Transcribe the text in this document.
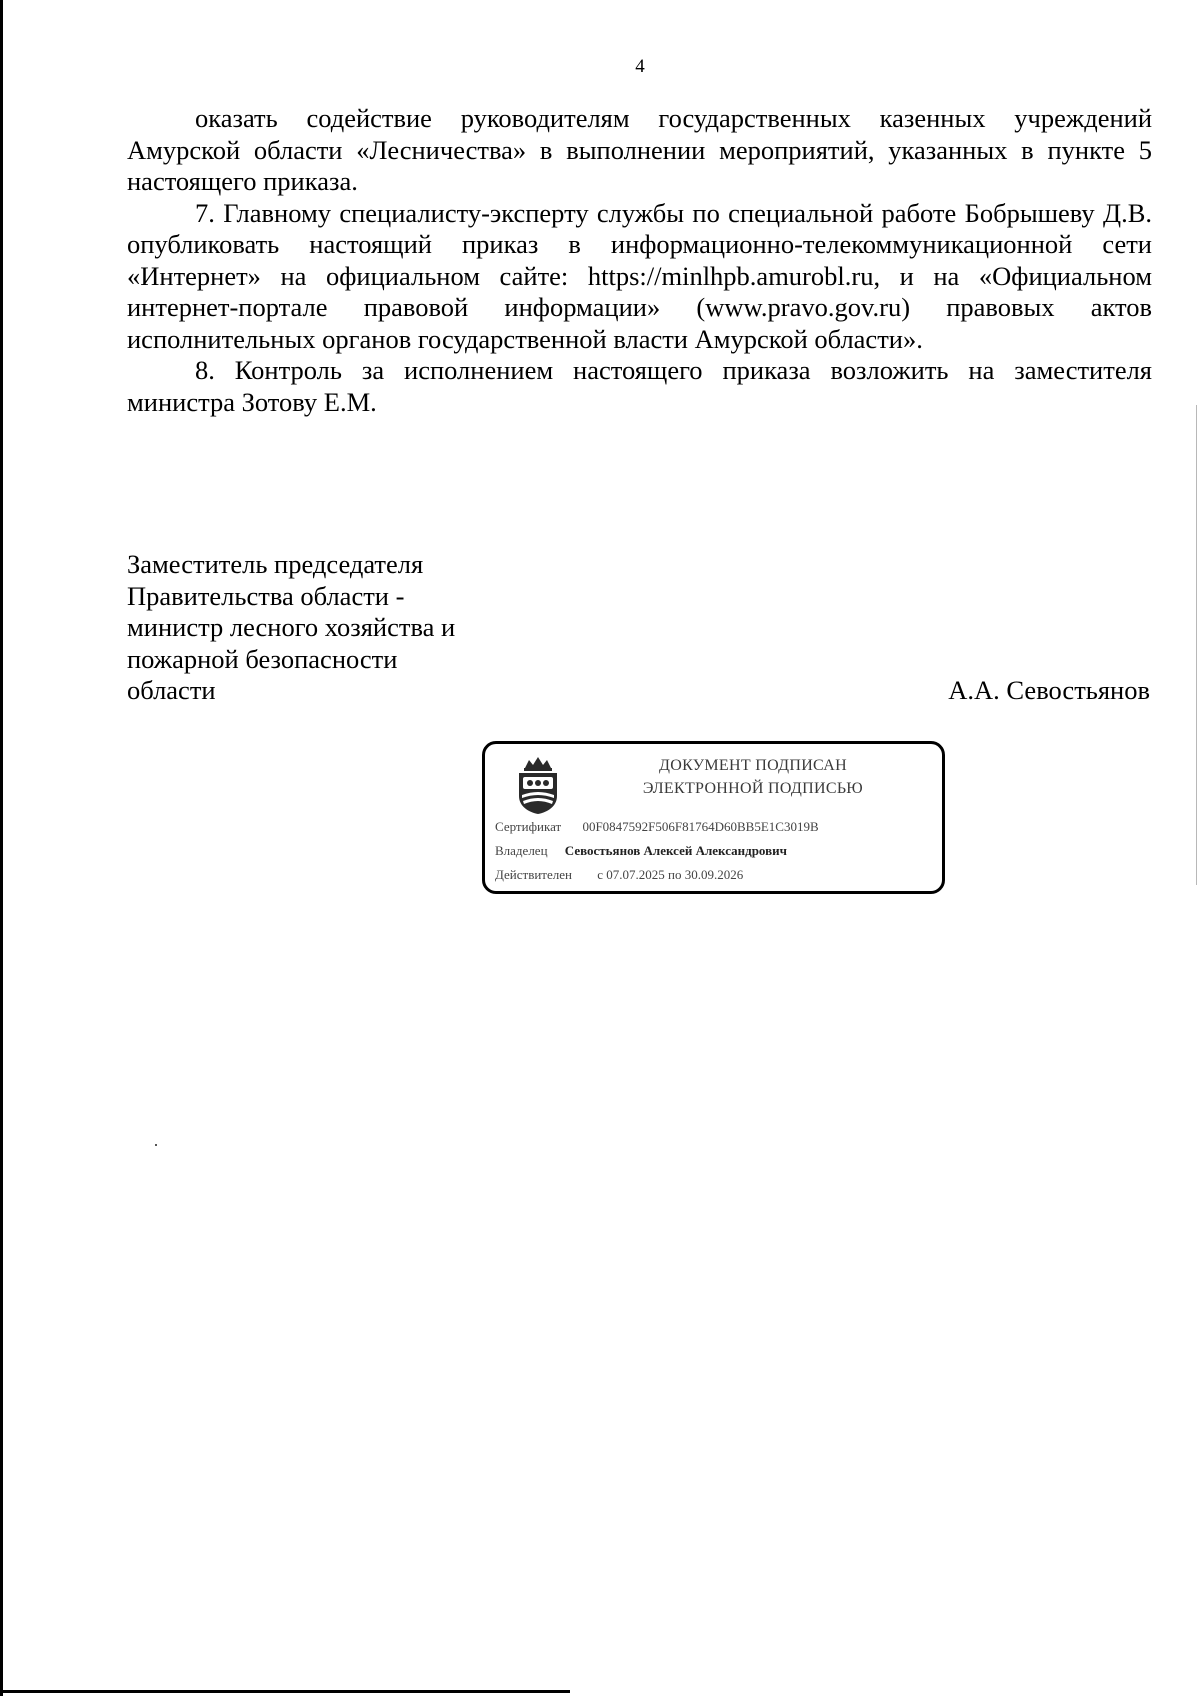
4

оказать содействие руководителям государственных казенных учреждений Амурской области «Лесничества» в выполнении мероприятий, указанных в пункте 5 настоящего приказа.

7. Главному специалисту-эксперту службы по специальной работе Бобрышеву Д.В. опубликовать настоящий приказ в информационно-телекоммуникационной сети «Интернет» на официальном сайте: https://minlhpb.amurobl.ru, и на «Официальном интернет-портале правовой информации» (www.pravo.gov.ru) правовых актов исполнительных органов государственной власти Амурской области».

8. Контроль за исполнением настоящего приказа возложить на заместителя министра Зотову Е.М.

Заместитель председателя
Правительства области -
министр лесного хозяйства и
пожарной безопасности
области	А.А. Севостьянов
ДОКУМЕНТ ПОДПИСАН
ЭЛЕКТРОННОЙ ПОДПИСЬЮ
Сертификат 00F0847592F506F81764D60BB5E1C3019B
Владелец Севостьянов Алексей Александрович
Действителен с 07.07.2025 по 30.09.2026
